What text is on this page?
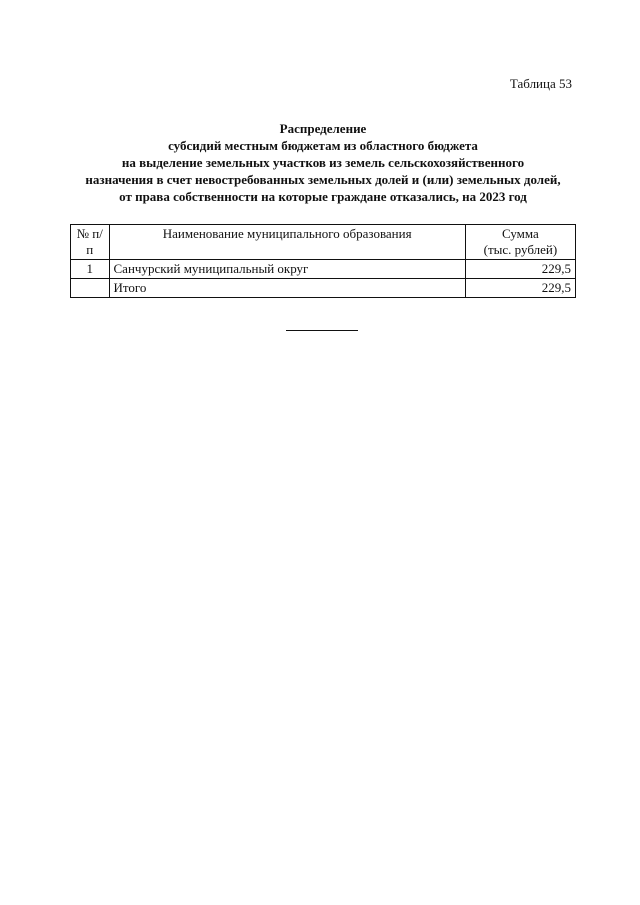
Таблица 53
Распределение
субсидий местным бюджетам из областного бюджета
на выделение земельных участков из земель сельскохозяйственного
назначения в счет невостребованных земельных долей и (или) земельных долей,
от права собственности на которые граждане отказались, на 2023 год
№ п/п	Наименование муниципального образования	Сумма
(тыс. рублей)

1	Санчурский муниципальный округ	229,5
	Итого	229,5
